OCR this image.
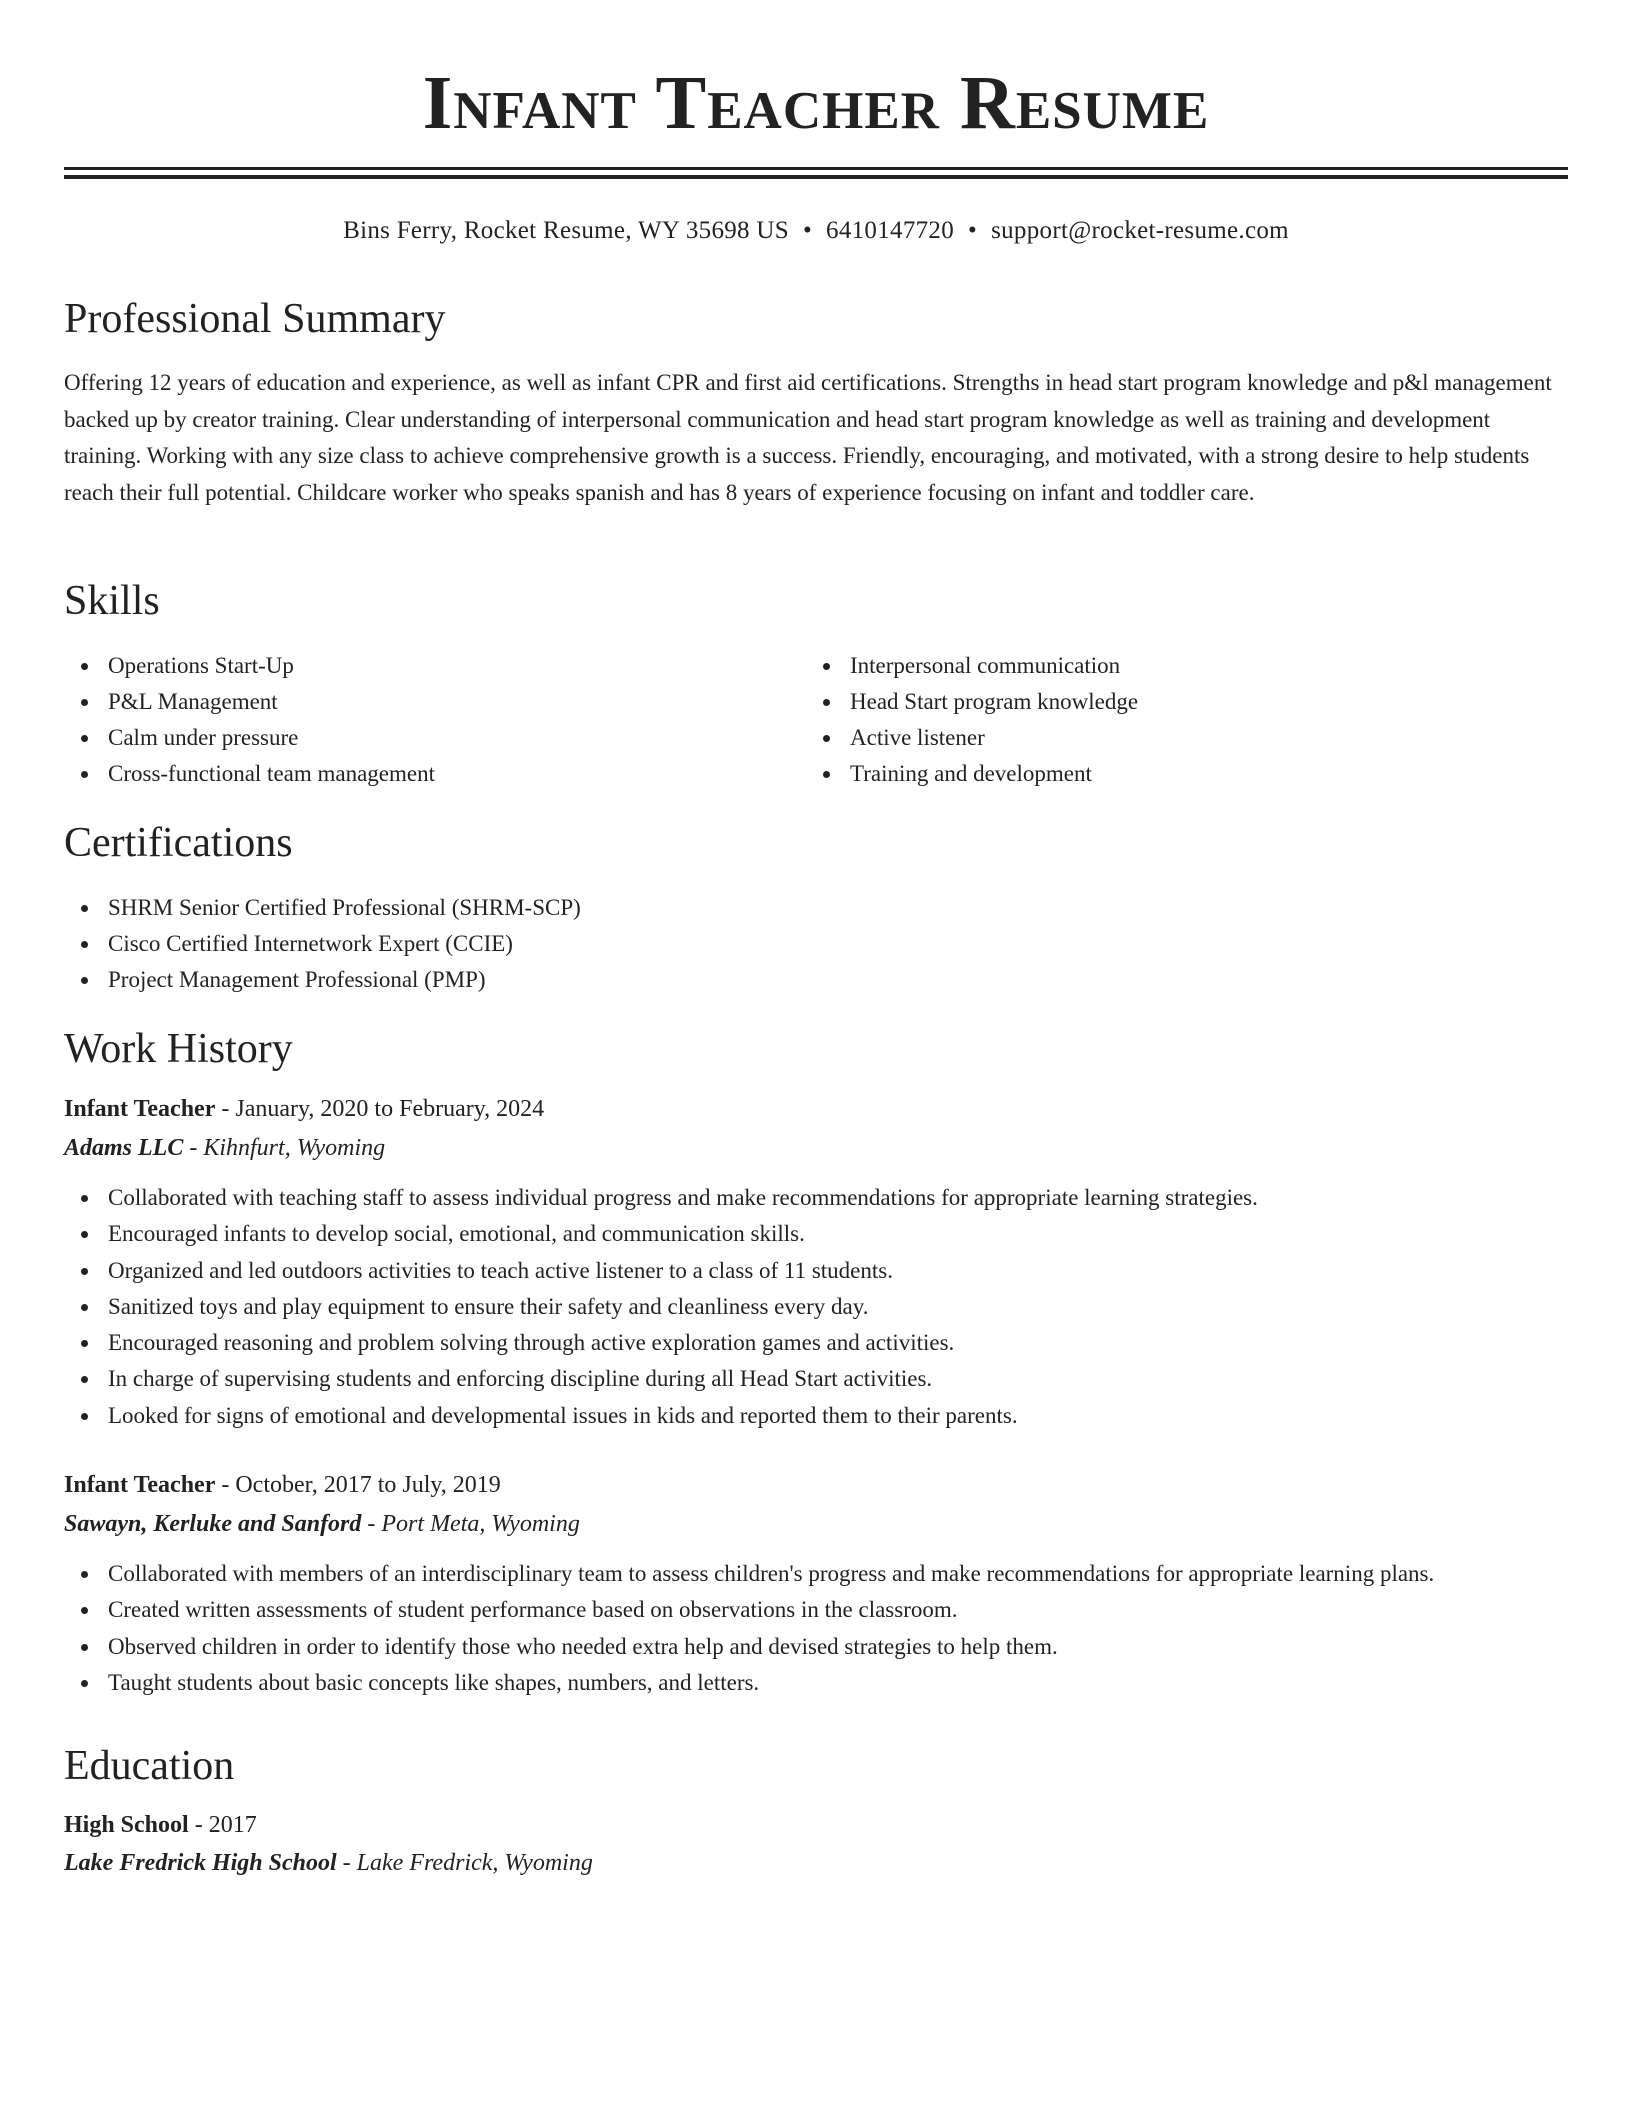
Infant Teacher Resume
Bins Ferry, Rocket Resume, WY 35698 US • 6410147720 • support@rocket-resume.com
Professional Summary

Offering 12 years of education and experience, as well as infant CPR and first aid certifications. Strengths in head start program knowledge and p&l management backed up by creator training. Clear understanding of interpersonal communication and head start program knowledge as well as training and development training. Working with any size class to achieve comprehensive growth is a success. Friendly, encouraging, and motivated, with a strong desire to help students reach their full potential. Childcare worker who speaks spanish and has 8 years of experience focusing on infant and toddler care.

Skills
Operations Start-Up
P&L Management
Calm under pressure
Cross-functional team management
Interpersonal communication
Head Start program knowledge
Active listener
Training and development
Certifications
SHRM Senior Certified Professional (SHRM-SCP)
Cisco Certified Internetwork Expert (CCIE)
Project Management Professional (PMP)
Work History
Infant Teacher - January, 2020 to February, 2024
Adams LLC - Kihnfurt, Wyoming
Collaborated with teaching staff to assess individual progress and make recommendations for appropriate learning strategies.
Encouraged infants to develop social, emotional, and communication skills.
Organized and led outdoors activities to teach active listener to a class of 11 students.
Sanitized toys and play equipment to ensure their safety and cleanliness every day.
Encouraged reasoning and problem solving through active exploration games and activities.
In charge of supervising students and enforcing discipline during all Head Start activities.
Looked for signs of emotional and developmental issues in kids and reported them to their parents.
Infant Teacher - October, 2017 to July, 2019
Sawayn, Kerluke and Sanford - Port Meta, Wyoming
Collaborated with members of an interdisciplinary team to assess children's progress and make recommendations for appropriate learning plans.
Created written assessments of student performance based on observations in the classroom.
Observed children in order to identify those who needed extra help and devised strategies to help them.
Taught students about basic concepts like shapes, numbers, and letters.
Education
High School - 2017
Lake Fredrick High School - Lake Fredrick, Wyoming
